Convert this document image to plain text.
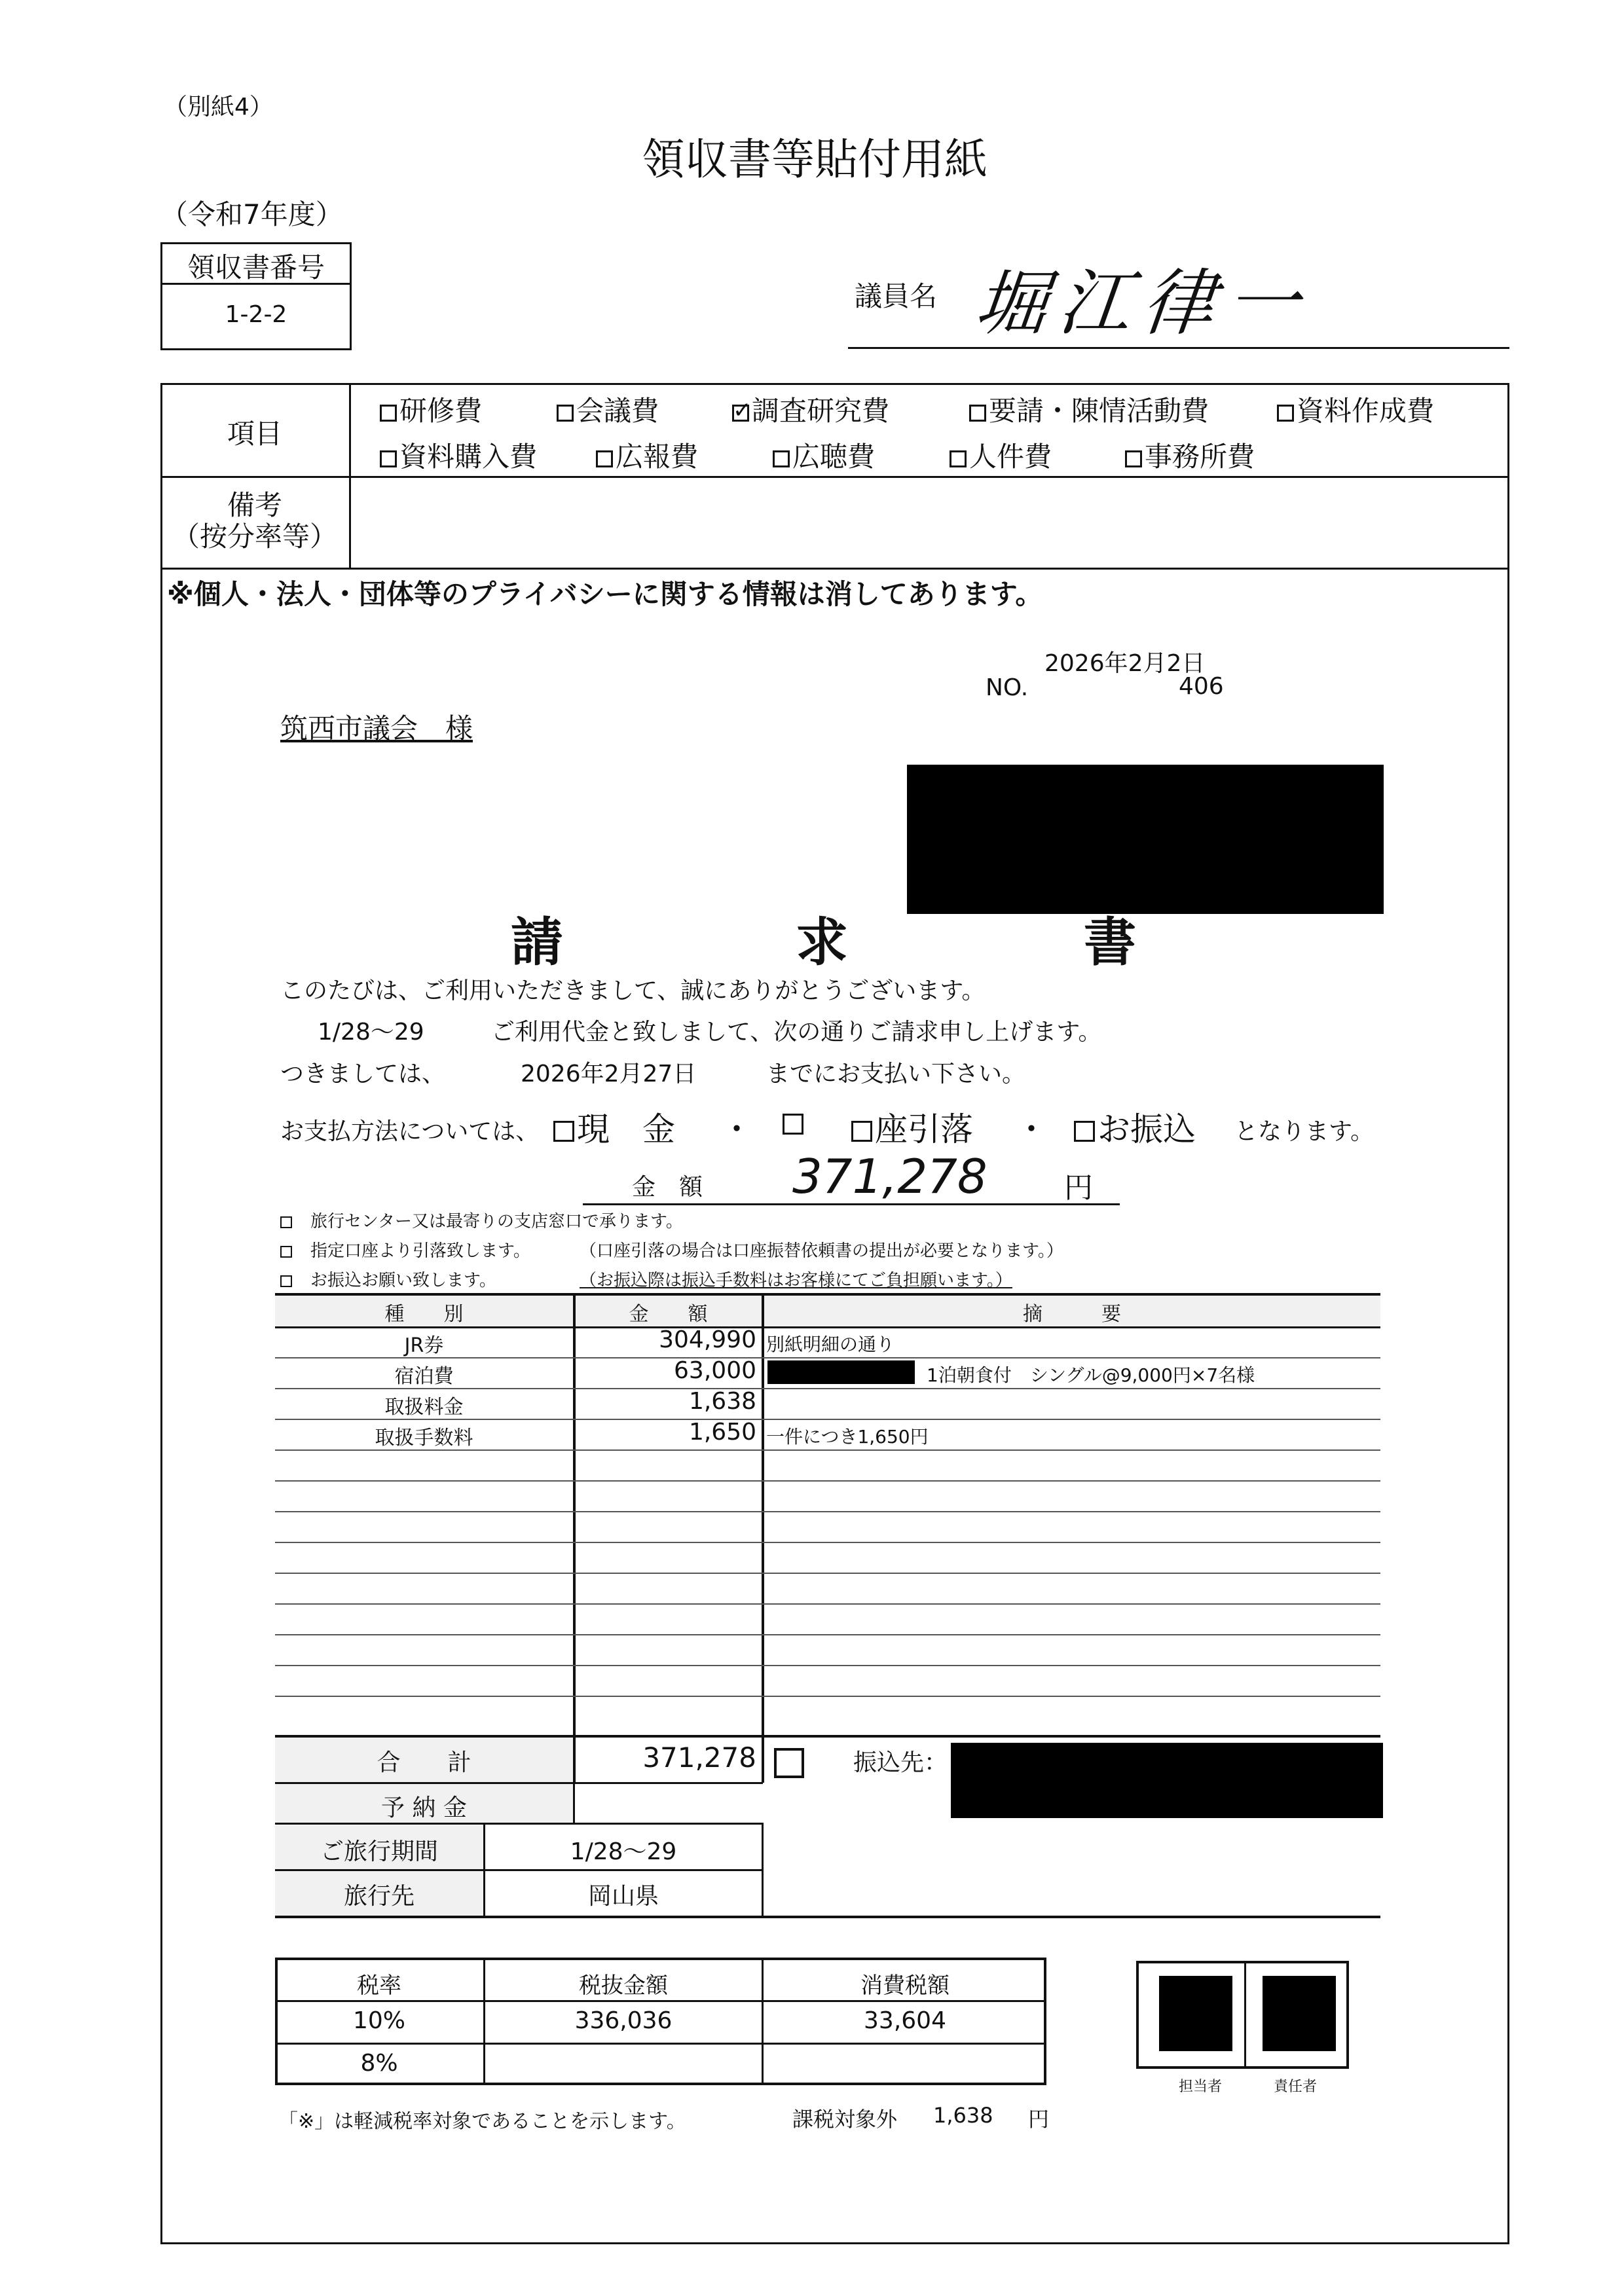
（別紙4）
領収書等貼付用紙
（令和7年度）
領収書番号
1-2-2
議員名 堀江律一
項目
備考
（按分率等）
研修費	会議費	✓ 調査研究費	要請・陳情活動費	資料作成費
資料購入費	広報費	広聴費	人件費	事務所費
※個人・法人・団体等のプライバシーに関する情報は消してあります。
2026年2月2日
NO.	406
筑西市議会　様
請	求	書
このたびは、ご利用いただきまして、誠にありがとうございます。
1/28～29	ご利用代金と致しまして、次の通りご請求申し上げます。
つきましては、	2026年2月27日	までにお支払い下さい。
お支払方法については、	現　金 ・	座引落 ・	お振込 となります。
金　額 371,278	円
旅行センター又は最寄りの支店窓口で承ります。
指定口座より引落致します。	（口座引落の場合は口座振替依頼書の提出が必要となります。）
お振込お願い致します。	（お振込際は振込手数料はお客様にてご負担願います。）
種　　別	金　　額	摘　　　要
JR券	304,990 別紙明細の通り
宿泊費	63,000	1泊朝食付　シングル@9,000円×7名様
取扱料金	1,638
取扱手数料	1,650 一件につき1,650円
合　　計	371,278
予 納 金
振込先：
ご旅行期間	1/28～29
旅行先	岡山県
税率	税抜金額	消費税額
10%	336,036	33,604
8%
「※」は軽減税率対象であることを示します。	課税対象外 1,638 円
担当者	責任者
